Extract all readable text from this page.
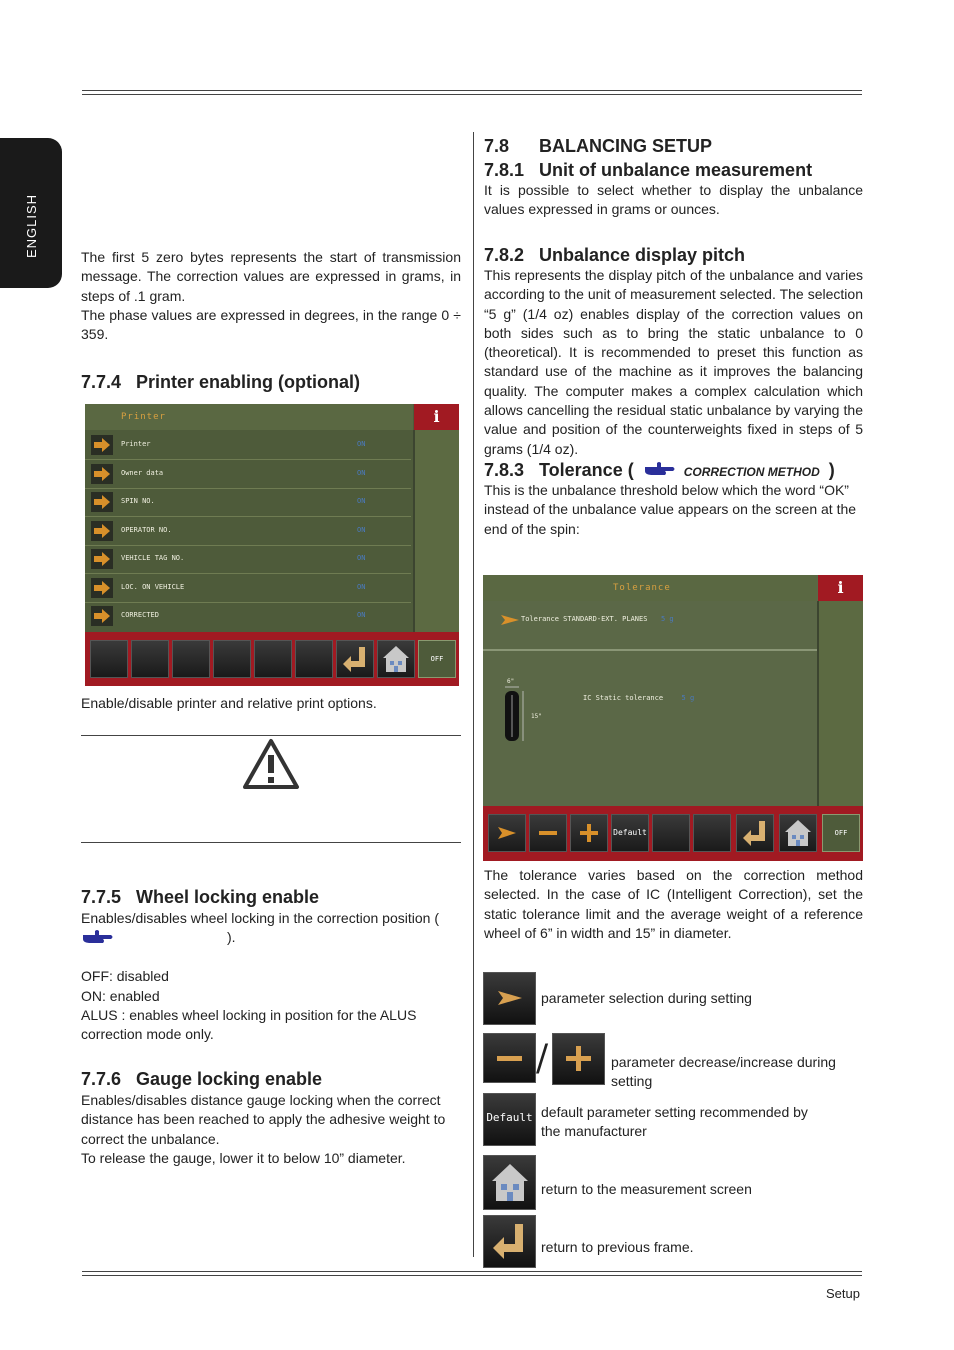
ENGLISH	The first 5 zero bytes represents the start of transmission message. The correction values are expressed in grams, in steps of .1 gram.
The phase values are expressed in degrees, in the range 0 ÷ 359.
7.7.4 Printer enabling (optional)
Printer	i
Printer	ON
Owner data	ON
SPIN NO.	ON
OPERATOR NO.	ON
VEHICLE TAG NO.	ON
LOC. ON VEHICLE	ON
CORRECTED	ON
OFF
Enable/disable printer and relative print options.
7.7.5 Wheel locking enable
Enables/disables wheel locking in the correction position (
).
OFF: disabled
ON: enabled
ALUS : enables wheel locking in position for the ALUS correction mode only.
7.7.6 Gauge locking enable
Enables/disables distance gauge locking when the correct distance has been reached to apply the adhesive weight to correct the unbalance.
To release the gauge, lower it to below 10” diameter.
7.8 BALANCING SETUP
7.8.1 Unit of unbalance measurement
It is possible to select whether to display the unbalance values expressed in grams or ounces.
7.8.2 Unbalance display pitch
This represents the display pitch of the unbalance and varies according to the unit of measurement selected. The selection “5 g” (1/4 oz) enables display of the correction values on both sides such as to bring the static unbalance to 0 (theoretical). It is recommended to preset this function as standard use of the machine as it improves the balancing quality. The computer makes a complex calculation which allows cancelling the residual static unbalance by varying the value and position of the counterweights fixed in steps of 5 grams (1/4 oz).
7.8.3 Tolerance (	CORRECTION METHOD )
This is the unbalance threshold below which the word “OK” instead of the unbalance value appears on the screen at the end of the spin:
Tolerance	i
Tolerance STANDARD-EXT. PLANES 5 g
6"
15"
IC Static tolerance	5 g
Default	OFF
The tolerance varies based on the correction method selected. In the case of IC (Intelligent Correction), set the static tolerance limit and the average weight of a reference wheel of 6” in width and 15” in diameter.
parameter selection during setting
/	parameter decrease/increase during setting
Default default parameter setting recommended by the manufacturer
return to the measurement screen
return to previous frame.
Setup
